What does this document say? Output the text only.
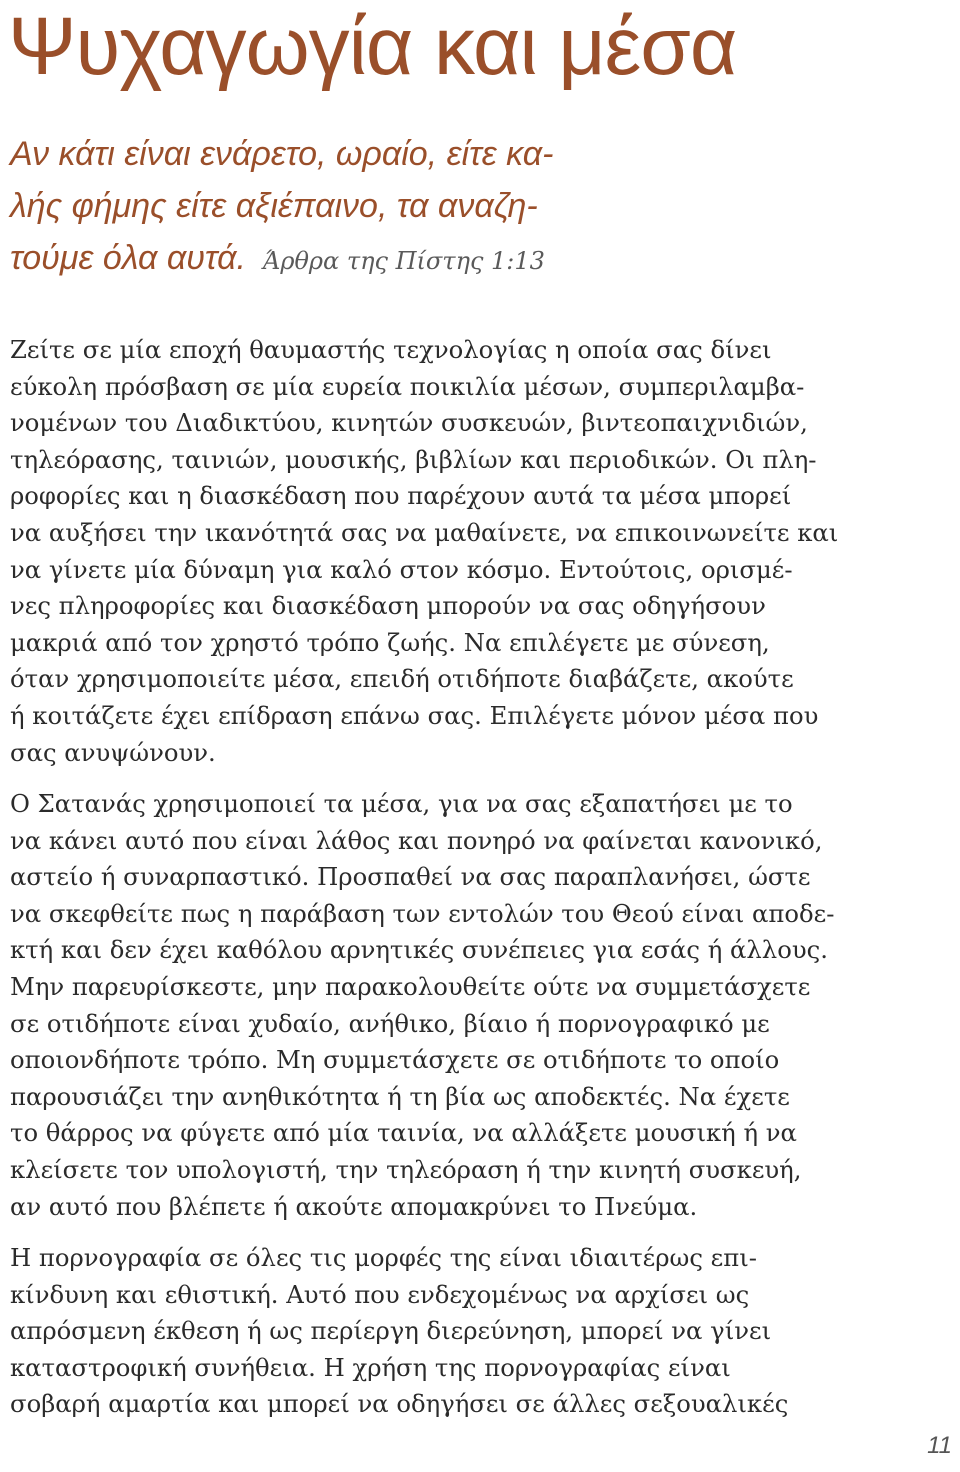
Ψυχαγωγία και μέσα

Αν κάτι είναι ενάρετο, ωραίο, είτε κα-
λής φήμης είτε αξιέπαινο, τα αναζη-
τούμε όλα αυτά. Άρθρα της Πίστης 1:13

Ζείτε σε μία εποχή θαυμαστής τεχνολογίας η οποία σας δίνει
εύκολη πρόσβαση σε μία ευρεία ποικιλία μέσων, συμπεριλαμβα-
νομένων του Διαδικτύου, κινητών συσκευών, βιντεοπαιχνιδιών,
τηλεόρασης, ταινιών, μουσικής, βιβλίων και περιοδικών. Οι πλη-
ροφορίες και η διασκέδαση που παρέχουν αυτά τα μέσα μπορεί
να αυξήσει την ικανότητά σας να μαθαίνετε, να επικοινωνείτε και
να γίνετε μία δύναμη για καλό στον κόσμο. Εντούτοις, ορισμέ-
νες πληροφορίες και διασκέδαση μπορούν να σας οδηγήσουν
μακριά από τον χρηστό τρόπο ζωής. Να επιλέγετε με σύνεση,
όταν χρησιμοποιείτε μέσα, επειδή οτιδήποτε διαβάζετε, ακούτε
ή κοιτάζετε έχει επίδραση επάνω σας. Επιλέγετε μόνον μέσα που
σας ανυψώνουν.

Ο Σατανάς χρησιμοποιεί τα μέσα, για να σας εξαπατήσει με το
να κάνει αυτό που είναι λάθος και πονηρό να φαίνεται κανονικό,
αστείο ή συναρπαστικό. Προσπαθεί να σας παραπλανήσει, ώστε
να σκεφθείτε πως η παράβαση των εντολών του Θεού είναι αποδε-
κτή και δεν έχει καθόλου αρνητικές συνέπειες για εσάς ή άλλους.
Μην παρευρίσκεστε, μην παρακολουθείτε ούτε να συμμετάσχετε
σε οτιδήποτε είναι χυδαίο, ανήθικο, βίαιο ή πορνογραφικό με
οποιονδήποτε τρόπο. Μη συμμετάσχετε σε οτιδήποτε το οποίο
παρουσιάζει την ανηθικότητα ή τη βία ως αποδεκτές. Να έχετε
το θάρρος να φύγετε από μία ταινία, να αλλάξετε μουσική ή να
κλείσετε τον υπολογιστή, την τηλεόραση ή την κινητή συσκευή,
αν αυτό που βλέπετε ή ακούτε απομακρύνει το Πνεύμα.

Η πορνογραφία σε όλες τις μορφές της είναι ιδιαιτέρως επι-
κίνδυνη και εθιστική. Αυτό που ενδεχομένως να αρχίσει ως
απρόσμενη έκθεση ή ως περίεργη διερεύνηση, μπορεί να γίνει
καταστροφική συνήθεια. Η χρήση της πορνογραφίας είναι
σοβαρή αμαρτία και μπορεί να οδηγήσει σε άλλες σεξουαλικές

11
